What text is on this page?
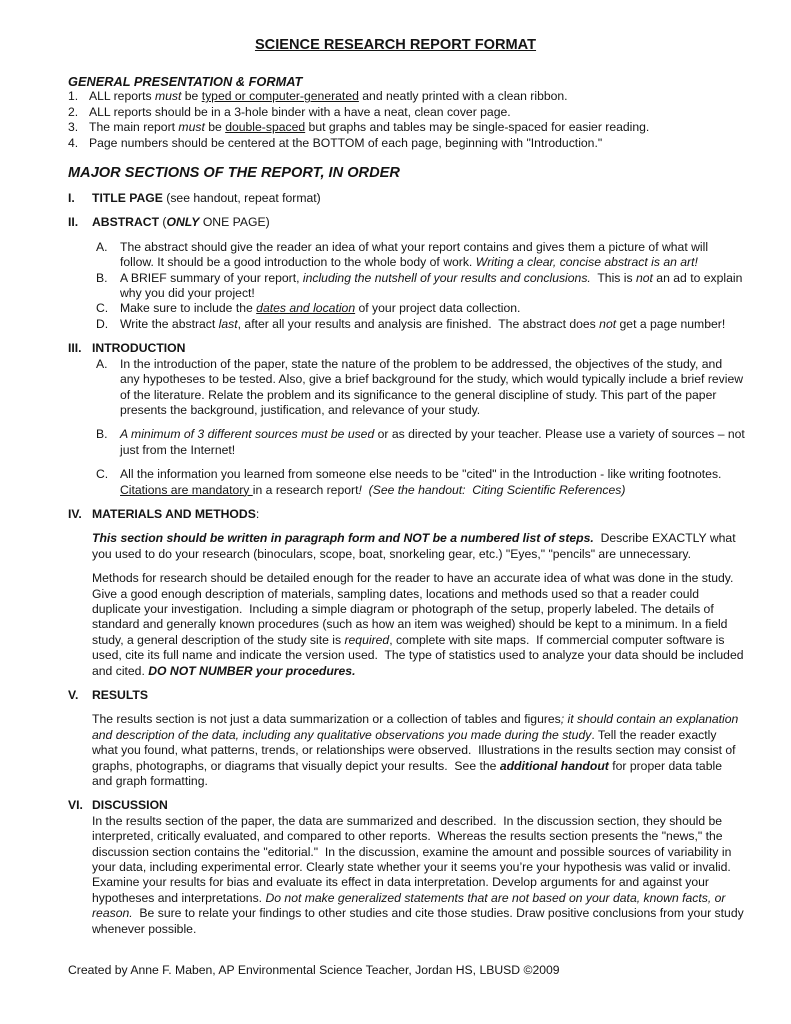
SCIENCE RESEARCH REPORT FORMAT
GENERAL PRESENTATION & FORMAT
1. ALL reports must be typed or computer-generated and neatly printed with a clean ribbon.
2. ALL reports should be in a 3-hole binder with a have a neat, clean cover page.
3. The main report must be double-spaced but graphs and tables may be single-spaced for easier reading.
4. Page numbers should be centered at the BOTTOM of each page, beginning with "Introduction."
MAJOR SECTIONS OF THE REPORT, IN ORDER
I.	TITLE PAGE (see handout, repeat format)
II.	ABSTRACT (ONLY ONE PAGE)
A.	The abstract should give the reader an idea of what your report contains and gives them a picture of what will follow. It should be a good introduction to the whole body of work. Writing a clear, concise abstract is an art!
B.	A BRIEF summary of your report, including the nutshell of your results and conclusions.  This is not an ad to explain why you did your project!
C. Make sure to include the dates and location of your project data collection.
D. Write the abstract last, after all your results and analysis are finished.  The abstract does not get a page number!
III. INTRODUCTION
A.	In the introduction of the paper, state the nature of the problem to be addressed, the objectives of the study, and any hypotheses to be tested. Also, give a brief background for the study, which would typically include a brief review of the literature. Relate the problem and its significance to the general discipline of study. This part of the paper presents the background, justification, and relevance of your study.
B.	A minimum of 3 different sources must be used or as directed by your teacher. Please use a variety of sources – not just from the Internet!
C. All the information you learned from someone else needs to be "cited" in the Introduction - like writing footnotes.  Citations are mandatory in a research report!  (See the handout:  Citing Scientific References)
IV. MATERIALS AND METHODS:
This section should be written in paragraph form and NOT be a numbered list of steps.  Describe EXACTLY what you used to do your research (binoculars, scope, boat, snorkeling gear, etc.) "Eyes," "pencils" are unnecessary.
Methods for research should be detailed enough for the reader to have an accurate idea of what was done in the study. Give a good enough description of materials, sampling dates, locations and methods used so that a reader could duplicate your investigation.  Including a simple diagram or photograph of the setup, properly labeled. The details of standard and generally known procedures (such as how an item was weighed) should be kept to a minimum. In a field study, a general description of the study site is required, complete with site maps.  If commercial computer software is used, cite its full name and indicate the version used.  The type of statistics used to analyze your data should be included and cited. DO NOT NUMBER your procedures.
V.	RESULTS
The results section is not just a data summarization or a collection of tables and figures; it should contain an explanation and description of the data, including any qualitative observations you made during the study. Tell the reader exactly what you found, what patterns, trends, or relationships were observed.  Illustrations in the results section may consist of graphs, photographs, or diagrams that visually depict your results.  See the additional handout for proper data table and graph formatting.
VI. DISCUSSION
In the results section of the paper, the data are summarized and described.  In the discussion section, they should be interpreted, critically evaluated, and compared to other reports.  Whereas the results section presents the "news," the discussion section contains the "editorial."  In the discussion, examine the amount and possible sources of variability in your data, including experimental error. Clearly state whether your it seems you’re your hypothesis was valid or invalid. Examine your results for bias and evaluate its effect in data interpretation. Develop arguments for and against your hypotheses and interpretations. Do not make generalized statements that are not based on your data, known facts, or reason.  Be sure to relate your findings to other studies and cite those studies. Draw positive conclusions from your study whenever possible.
Created by Anne F. Maben, AP Environmental Science Teacher, Jordan HS, LBUSD ©2009
